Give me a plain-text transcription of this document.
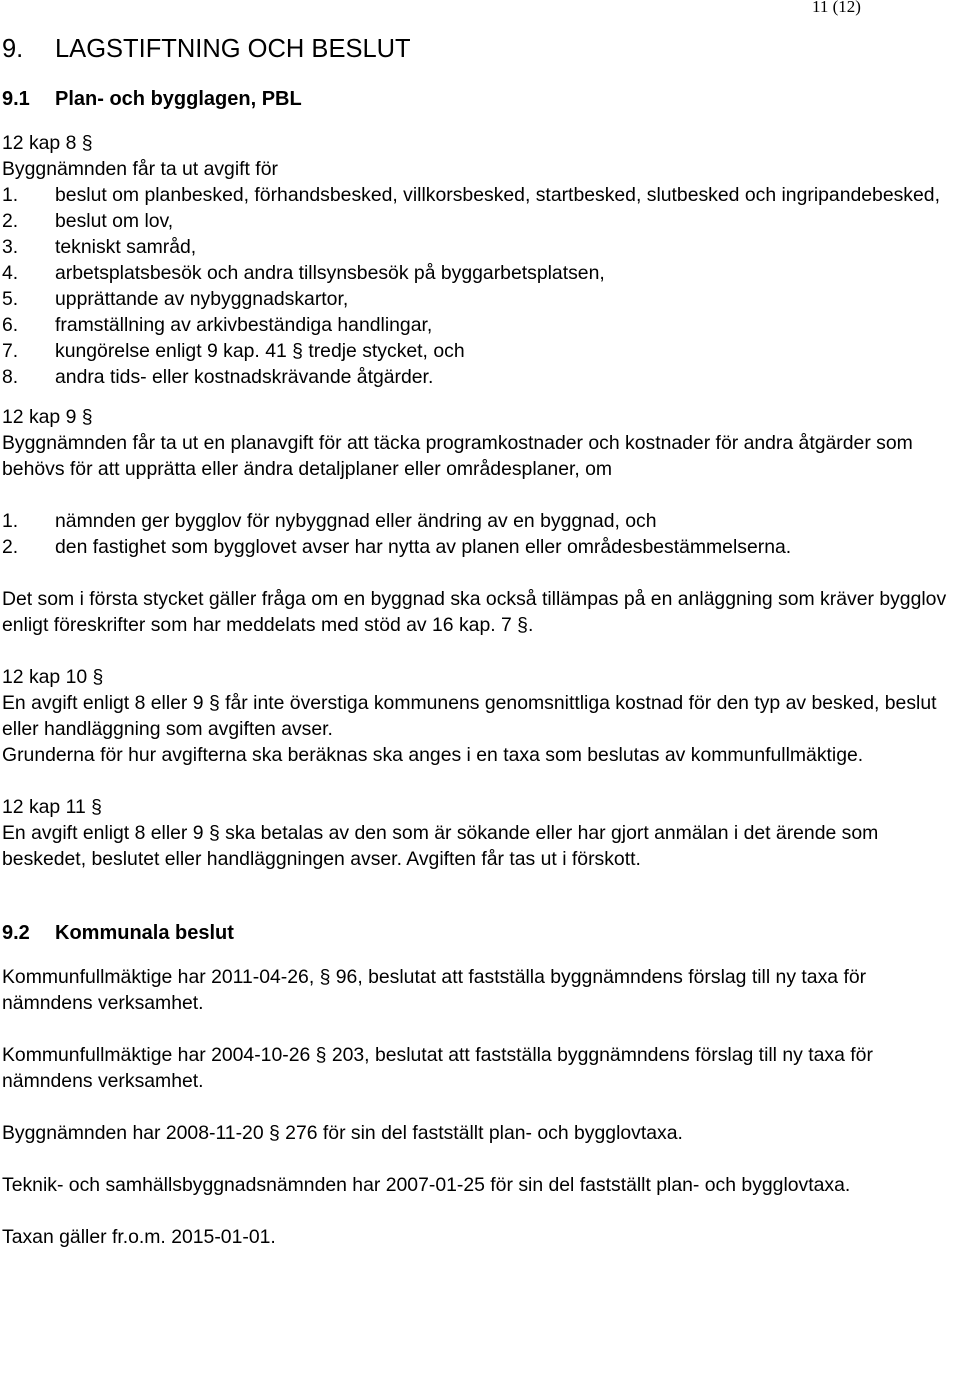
11 (12)
9. LAGSTIFTNING OCH BESLUT
9.1 Plan- och bygglagen, PBL

12 kap 8 §

Byggnämnden får ta ut avgift för

1.	beslut om planbesked, förhandsbesked, villkorsbesked, startbesked, slutbesked och ingripandebesked,
2.	beslut om lov,
3.	tekniskt samråd,
4.	arbetsplatsbesök och andra tillsynsbesök på byggarbetsplatsen,
5.	upprättande av nybyggnadskartor,
6.	framställning av arkivbeständiga handlingar,
7.	kungörelse enligt 9 kap. 41 § tredje stycket, och
8.	andra tids- eller kostnadskrävande åtgärder.

12 kap 9 §

Byggnämnden får ta ut en planavgift för att täcka programkostnader och kostnader för andra åtgärder som behövs för att upprätta eller ändra detaljplaner eller områdesplaner, om

1.	nämnden ger bygglov för nybyggnad eller ändring av en byggnad, och
2.	den fastighet som bygglovet avser har nytta av planen eller områdesbestämmelserna.

Det som i första stycket gäller fråga om en byggnad ska också tillämpas på en anläggning som kräver bygglov enligt föreskrifter som har meddelats med stöd av 16 kap. 7 §.

12 kap 10 §

En avgift enligt 8 eller 9 § får inte överstiga kommunens genomsnittliga kostnad för den typ av besked, beslut eller handläggning som avgiften avser.

Grunderna för hur avgifterna ska beräknas ska anges i en taxa som beslutas av kommunfullmäktige.

12 kap 11 §

En avgift enligt 8 eller 9 § ska betalas av den som är sökande eller har gjort anmälan i det ärende som beskedet, beslutet eller handläggningen avser. Avgiften får tas ut i förskott.

9.2 Kommunala beslut

Kommunfullmäktige har 2011-04-26, § 96, beslutat att fastställa byggnämndens förslag till ny taxa för nämndens verksamhet.

Kommunfullmäktige har 2004-10-26 § 203, beslutat att fastställa byggnämndens förslag till ny taxa för nämndens verksamhet.

Byggnämnden har 2008-11-20 § 276 för sin del fastställt plan- och bygglovtaxa.

Teknik- och samhällsbyggnadsnämnden har 2007-01-25 för sin del fastställt plan- och bygglovtaxa.

Taxan gäller fr.o.m. 2015-01-01.
